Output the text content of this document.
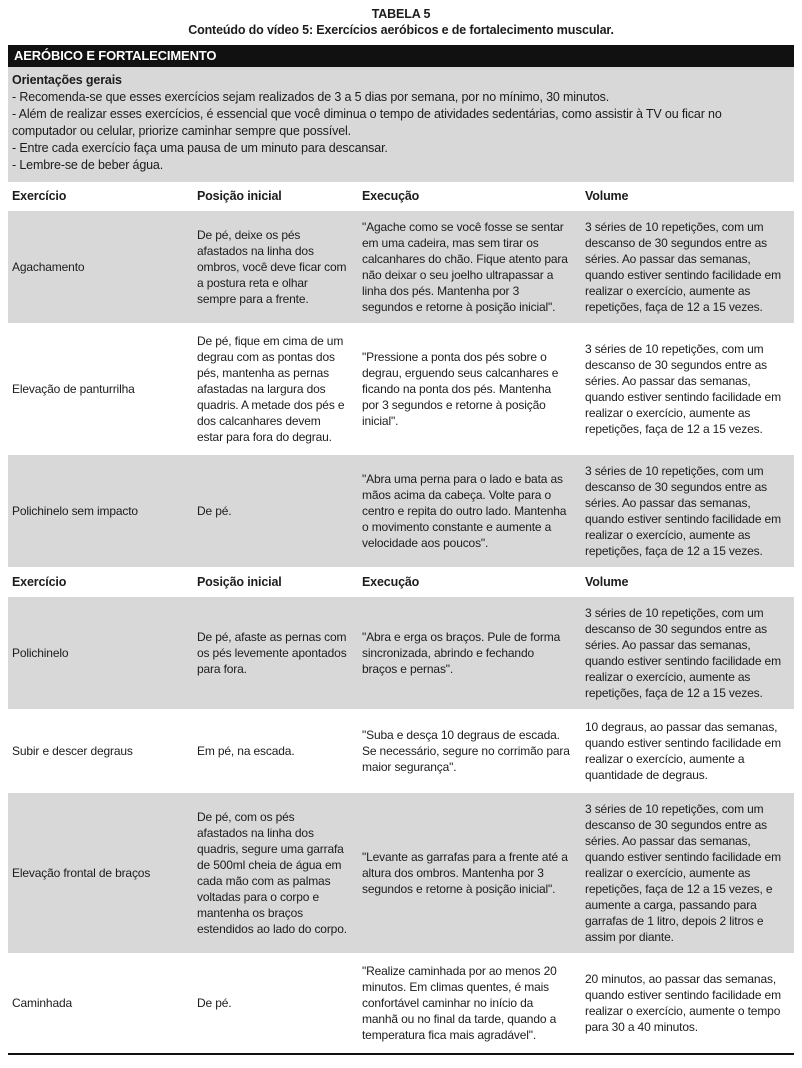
TABELA 5
Conteúdo do vídeo 5: Exercícios aeróbicos e de fortalecimento muscular.
AERÓBICO E FORTALECIMENTO
Orientações gerais
- Recomenda-se que esses exercícios sejam realizados de 3 a 5 dias por semana, por no mínimo, 30 minutos.
- Além de realizar esses exercícios, é essencial que você diminua o tempo de atividades sedentárias, como assistir à TV ou ficar no computador ou celular, priorize caminhar sempre que possível.
- Entre cada exercício faça uma pausa de um minuto para descansar.
- Lembre-se de beber água.
Exercício	Posição inicial	Execução	Volume
Agachamento	De pé, deixe os pés afastados na linha dos ombros, você deve ficar com a postura reta e olhar sempre para a frente.	"Agache como se você fosse se sentar em uma cadeira, mas sem tirar os calcanhares do chão. Fique atento para não deixar o seu joelho ultrapassar a linha dos pés. Mantenha por 3 segundos e retorne à posição inicial".	3 séries de 10 repetições, com um descanso de 30 segundos entre as séries. Ao passar das semanas, quando estiver sentindo facilidade em realizar o exercício, aumente as repetições, faça de 12 a 15 vezes.
Elevação de panturrilha	De pé, fique em cima de um degrau com as pontas dos pés, mantenha as pernas afastadas na largura dos quadris. A metade dos pés e dos calcanhares devem estar para fora do degrau.	"Pressione a ponta dos pés sobre o degrau, erguendo seus calcanhares e ficando na ponta dos pés. Mantenha por 3 segundos e retorne à posição inicial".	3 séries de 10 repetições, com um descanso de 30 segundos entre as séries. Ao passar das semanas, quando estiver sentindo facilidade em realizar o exercício, aumente as repetições, faça de 12 a 15 vezes.
Polichinelo sem impacto	De pé.	"Abra uma perna para o lado e bata as mãos acima da cabeça. Volte para o centro e repita do outro lado. Mantenha o movimento constante e aumente a velocidade aos poucos".	3 séries de 10 repetições, com um descanso de 30 segundos entre as séries. Ao passar das semanas, quando estiver sentindo facilidade em realizar o exercício, aumente as repetições, faça de 12 a 15 vezes.
Exercício	Posição inicial	Execução	Volume
Polichinelo	De pé, afaste as pernas com os pés levemente apontados para fora.	"Abra e erga os braços. Pule de forma sincronizada, abrindo e fechando braços e pernas".	3 séries de 10 repetições, com um descanso de 30 segundos entre as séries. Ao passar das semanas, quando estiver sentindo facilidade em realizar o exercício, aumente as repetições, faça de 12 a 15 vezes.
Subir e descer degraus	Em pé, na escada.	"Suba e desça 10 degraus de escada. Se necessário, segure no corrimão para maior segurança".	10 degraus, ao passar das semanas, quando estiver sentindo facilidade em realizar o exercício, aumente a quantidade de degraus.
Elevação frontal de braços	De pé, com os pés afastados na linha dos quadris, segure uma garrafa de 500ml cheia de água em cada mão com as palmas voltadas para o corpo e mantenha os braços estendidos ao lado do corpo.	"Levante as garrafas para a frente até a altura dos ombros. Mantenha por 3 segundos e retorne à posição inicial".	3 séries de 10 repetições, com um descanso de 30 segundos entre as séries. Ao passar das semanas, quando estiver sentindo facilidade em realizar o exercício, aumente as repetições, faça de 12 a 15 vezes, e aumente a carga, passando para garrafas de 1 litro, depois 2 litros e assim por diante.
Caminhada	De pé.	"Realize caminhada por ao menos 20 minutos. Em climas quentes, é mais confortável caminhar no início da manhã ou no final da tarde, quando a temperatura fica mais agradável".	20 minutos, ao passar das semanas, quando estiver sentindo facilidade em realizar o exercício, aumente o tempo para 30 a 40 minutos.
